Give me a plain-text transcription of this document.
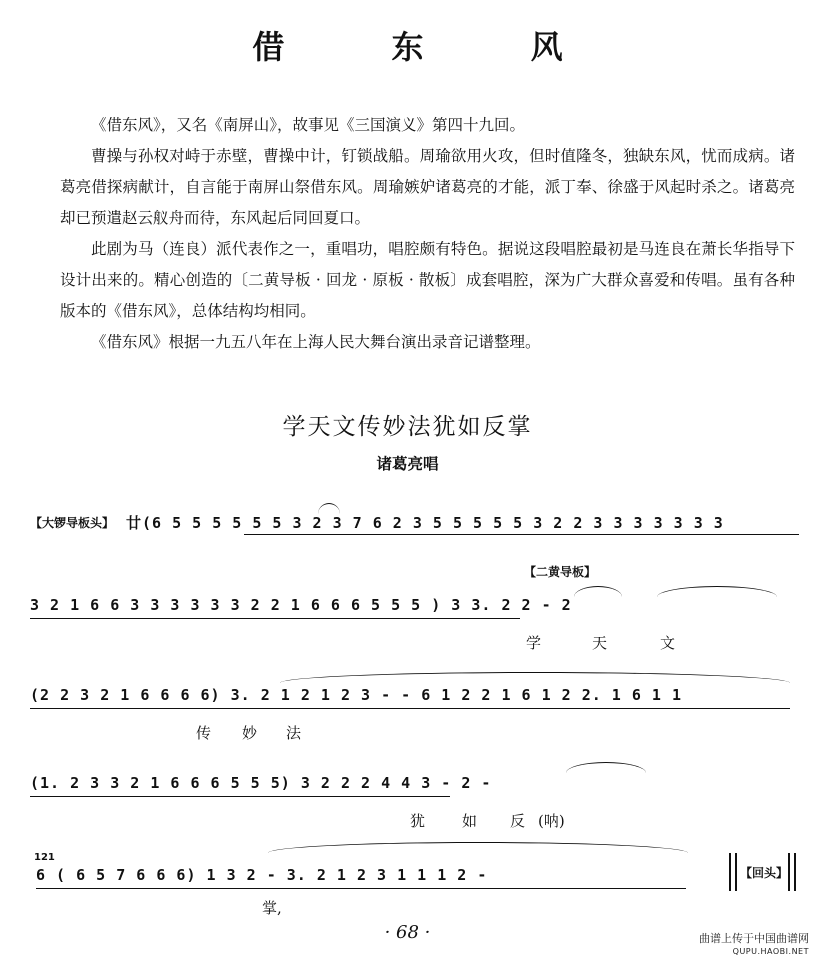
借 东 风
《借东风》，又名《南屏山》，故事见《三国演义》第四十九回。
曹操与孙权对峙于赤壁，曹操中计，钉锁战船。周瑜欲用火攻，但时值隆冬，独缺东风，忧而成病。诸葛亮借探病献计，自言能于南屏山祭借东风。周瑜嫉妒诸葛亮的才能，派丁奉、徐盛于风起时杀之。诸葛亮却已预遣赵云舣舟而待，东风起后同回夏口。
此剧为马（连良）派代表作之一，重唱功，唱腔颇有特色。据说这段唱腔最初是马连良在萧长华指导下设计出来的。精心创造的〔二黄导板 · 回龙 · 原板 · 散板〕成套唱腔，深为广大群众喜爱和传唱。虽有各种版本的《借东风》，总体结构均相同。
《借东风》根据一九五八年在上海人民大舞台演出录音记谱整理。
学天文传妙法犹如反掌
诸葛亮唱
【大锣导板头】 廿(6 5 5 5 5 5 5 3 2 3 7 6 2 3 5 5 5 5 5 3 2 2 3 3 3 3 3 3 3
【二黄导板】
3 2 1 6 6 3 3 3 3 3 3 2 2 1 6 6 6 5 5 5 ) 3 3. 2 2 - 2
学	天	文
(2 2 3 2 1 6 6 6 6) 3. 2 1 2 1 2 3 - - 6 1 2 2 1 6 1 2 2. 1 6 1 1
传 妙 法
(1. 2 3 3 2 1 6 6 6 5 5 5) 3 2 2 2 4 4 3 - 2 -
犹 如 反 (呐)
121
6 ( 6 5 7 6 6 6) 1 3 2 - 3. 2 1 2 3 1 1 1 2 -	【回头】
掌,
· 68 ·	曲谱上传于中国曲谱网
QUPU.HAOBI.NET
